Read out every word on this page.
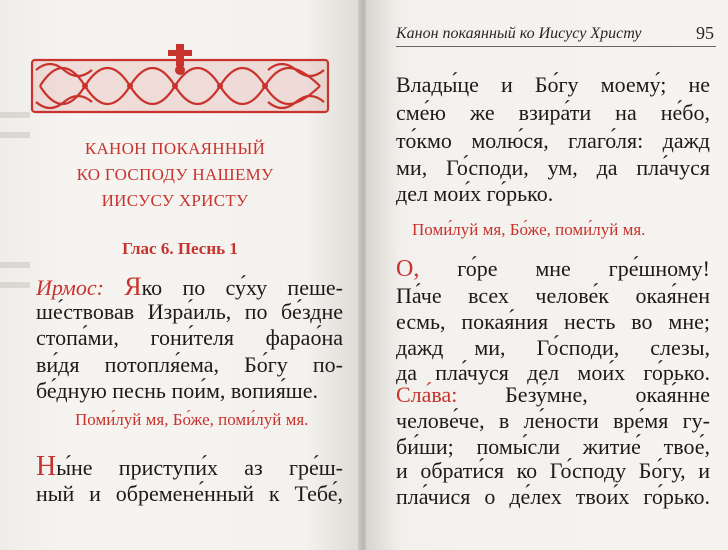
КАНОН ПОКАЯННЫЙ
КО ГОСПОДУ НАШЕМУ
ИИСУСУ ХРИСТУ
Глас 6. Песнь 1
Ирмос: Яко по су́ху пеше-
ше́ствовав Изра́иль, по бе́здне
стопа́ми, гони́теля фарао́на
ви́дя потопля́ема, Бо́гу по-
бе́дную песнь пои́м, вопия́ше.
Поми́луй мя, Бо́же, поми́луй мя.
Ны́не приступи́х аз гре́ш-
ный и обремене́нный к Тебе́,
Канон покаянный ко Иисусу Христу	95
Влады́це и Бо́гу моему́; не
сме́ю же взира́ти на не́бо,
то́кмо молю́ся, глаго́ля: дажд
ми, Го́споди, ум, да пла́чуся
дел мои́х го́рько.
Поми́луй мя, Бо́же, поми́луй мя.
О, го́ре мне гре́шному!
Па́че всех челове́к окая́нен
есмь, покая́ния несть во мне;
дажд ми, Го́споди, слезы,
да пла́чуся дел мои́х го́рько.
Сла́ва: Безу́мне, окая́нне
челове́че, в ле́ности вре́мя гу-
би́ши; помы́сли житие́ твое́,
и обрати́ся ко Го́споду Бо́гу, и
пла́чися о де́лех твои́х го́рько.
